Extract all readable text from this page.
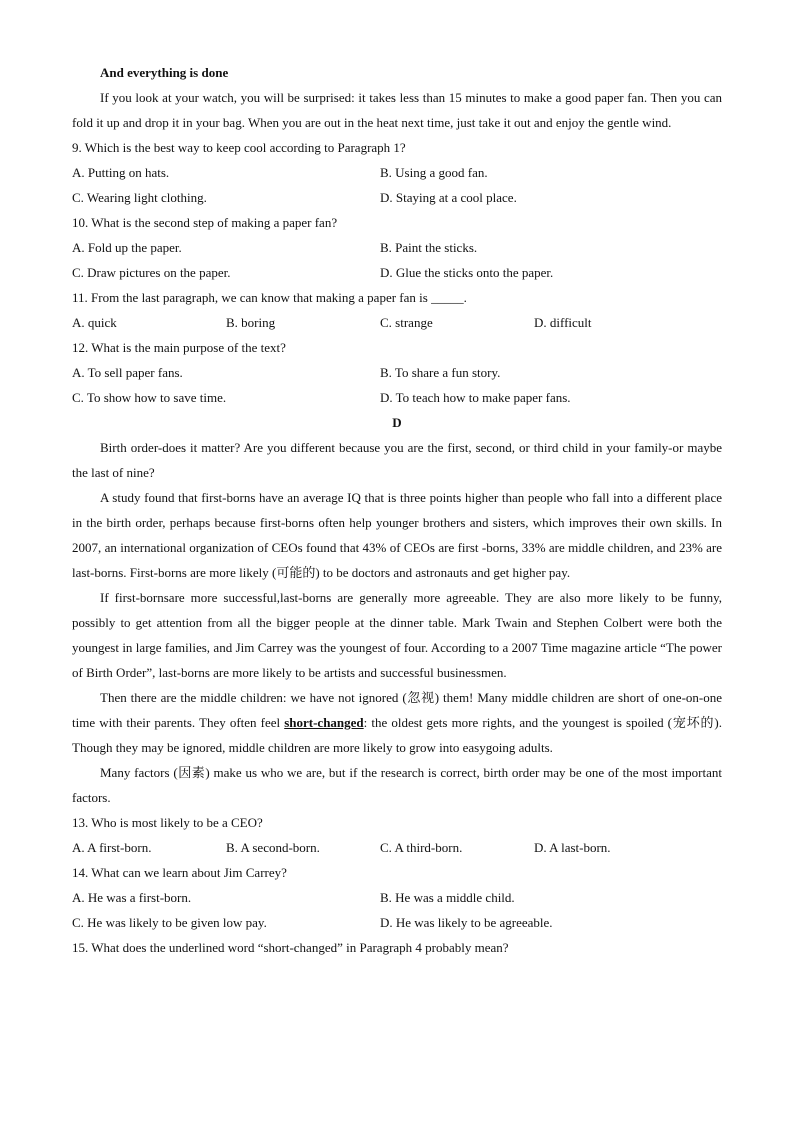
And everything is done
If you look at your watch, you will be surprised: it takes less than 15 minutes to make a good paper fan. Then you can fold it up and drop it in your bag. When you are out in the heat next time, just take it out and enjoy the gentle wind.
9. Which is the best way to keep cool according to Paragraph 1?
A. Putting on hats.	B. Using a good fan.
C. Wearing light clothing.	D. Staying at a cool place.
10. What is the second step of making a paper fan?
A. Fold up the paper.	B. Paint the sticks.
C. Draw pictures on the paper.	D. Glue the sticks onto the paper.
11. From the last paragraph, we can know that making a paper fan is _____.
A. quick	B. boring	C. strange	D. difficult
12. What is the main purpose of the text?
A. To sell paper fans.	B. To share a fun story.
C. To show how to save time.	D. To teach how to make paper fans.
D
Birth order-does it matter? Are you different because you are the first, second, or third child in your family-or maybe the last of nine?
A study found that first-borns have an average IQ that is three points higher than people who fall into a different place in the birth order, perhaps because first-borns often help younger brothers and sisters, which improves their own skills. In 2007, an international organization of CEOs found that 43% of CEOs are first -borns, 33% are middle children, and 23% are last-borns. First-borns are more likely (可能的) to be doctors and astronauts and get higher pay.
If first-bornsare more successful,last-borns are generally more agreeable. They are also more likely to be funny, possibly to get attention from all the bigger people at the dinner table. Mark Twain and Stephen Colbert were both the youngest in large families, and Jim Carrey was the youngest of four. According to a 2007 Time magazine article “The power of Birth Order”, last-borns are more likely to be artists and successful businessmen.
Then there are the middle children: we have not ignored (忽视) them! Many middle children are short of one-on-one time with their parents. They often feel short-changed: the oldest gets more rights, and the youngest is spoiled (宠坏的). Though they may be ignored, middle children are more likely to grow into easygoing adults.
Many factors (因素) make us who we are, but if the research is correct, birth order may be one of the most important factors.
13. Who is most likely to be a CEO?
A. A first-born.	B. A second-born.	C. A third-born.	D. A last-born.
14. What can we learn about Jim Carrey?
A. He was a first-born.	B. He was a middle child.
C. He was likely to be given low pay.	D. He was likely to be agreeable.
15. What does the underlined word “short-changed” in Paragraph 4 probably mean?
